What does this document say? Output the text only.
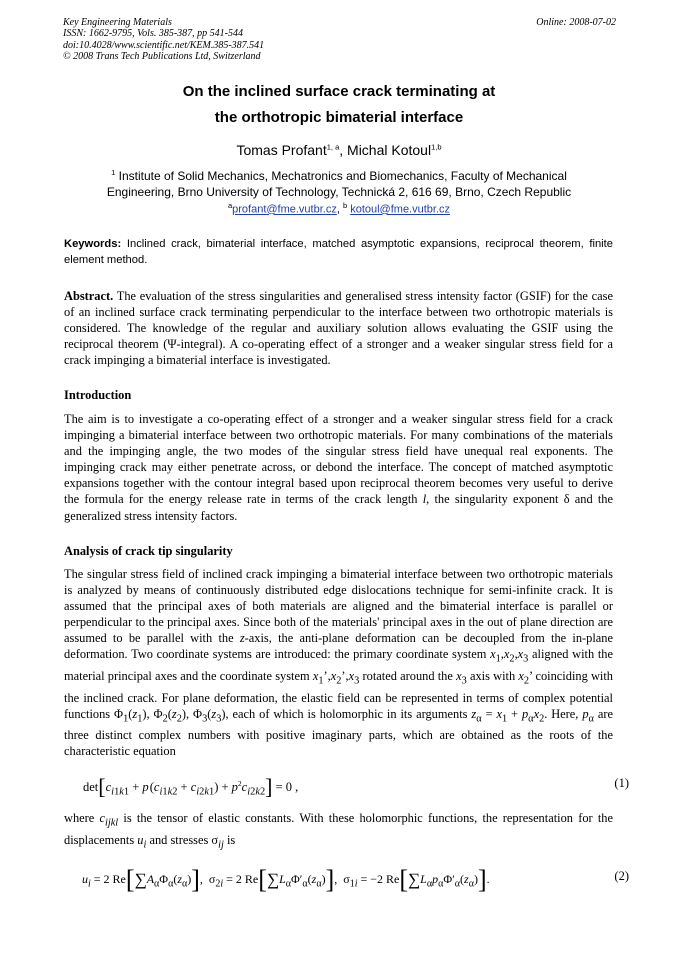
Key Engineering Materials
ISSN: 1662-9795, Vols. 385-387, pp 541-544
doi:10.4028/www.scientific.net/KEM.385-387.541
© 2008 Trans Tech Publications Ltd, Switzerland
Online: 2008-07-02
On the inclined surface crack terminating at
the orthotropic bimaterial interface
Tomas Profant$^{1, a}$, Michal Kotoul$^{1,b}$
$^1$ Institute of Solid Mechanics, Mechatronics and Biomechanics, Faculty of Mechanical
Engineering, Brno University of Technology, Technická 2, 616 69, Brno, Czech Republic
$^a$profant@fme.vutbr.cz, $^b$ kotoul@fme.vutbr.cz
Keywords: Inclined crack, bimaterial interface, matched asymptotic expansions, reciprocal theorem, finite element method.
Abstract. The evaluation of the stress singularities and generalised stress intensity factor (GSIF) for the case of an inclined surface crack terminating perpendicular to the interface between two orthotropic materials is considered. The knowledge of the regular and auxiliary solution allows evaluating the GSIF using the reciprocal theorem (Ψ-integral). A co-operating effect of a stronger and a weaker singular stress field for a crack impinging a bimaterial interface is investigated.
Introduction
The aim is to investigate a co-operating effect of a stronger and a weaker singular stress field for a crack impinging a bimaterial interface between two orthotropic materials. For many combinations of the materials and the impinging angle, the two modes of the singular stress field have unequal real exponents. The impinging crack may either penetrate across, or debond the interface. The concept of matched asymptotic expansions together with the contour integral based upon reciprocal theorem becomes very useful to derive the formula for the energy release rate in terms of the crack length l, the singularity exponent δ and the generalized stress intensity factors.
Analysis of crack tip singularity
The singular stress field of inclined crack impinging a bimaterial interface between two orthotropic materials is analyzed by means of continuously distributed edge dislocations technique for semi-infinite crack. It is assumed that the principal axes of both materials are aligned and the bimaterial interface is parallel or perpendicular to the principal axes. Since both of the materials' principal axes in the out of plane direction are assumed to be parallel with the z-axis, the anti-plane deformation can be decoupled from the in-plane deformation. Two coordinate systems are introduced: the primary coordinate system $x_1,x_2,x_3$ aligned with the material principal axes and the coordinate system $x_1’,x_2’,x_3$ rotated around the $x_3$ axis with $x_2$’ coinciding with the inclined crack. For plane deformation, the elastic field can be represented in terms of complex potential functions $\Phi_1(z_1)$, $\Phi_2(z_2)$, $\Phi_3(z_3)$, each of which is holomorphic in its arguments $z_\alpha = x_1 + p_\alpha x_2$. Here, $p_\alpha$ are three distinct complex numbers with positive imaginary parts, which are obtained as the roots of the characteristic equation
$\det[c_{i1k1} + p$ $(c_{i1k2} + c_{i2k1}) + p^2c_{i2k2}] = 0$ ,	(1)
where $c_{ijkl}$ is the tensor of elastic constants. With these holomorphic functions, the representation for the displacements $u_i$ and stresses $\sigma_{ij}$ is
$u_i = 2$ $Re[\sum A_\alpha\Phi_\alpha(z_\alpha)]$,  $\sigma_{2i} = 2$ $Re[\sum L_\alpha\Phi'_\alpha(z_\alpha)]$,  $\sigma_{1i} = -2$ $Re[\sum L_\alpha p_\alpha\Phi'_\alpha(z_\alpha)]$.	(2)
